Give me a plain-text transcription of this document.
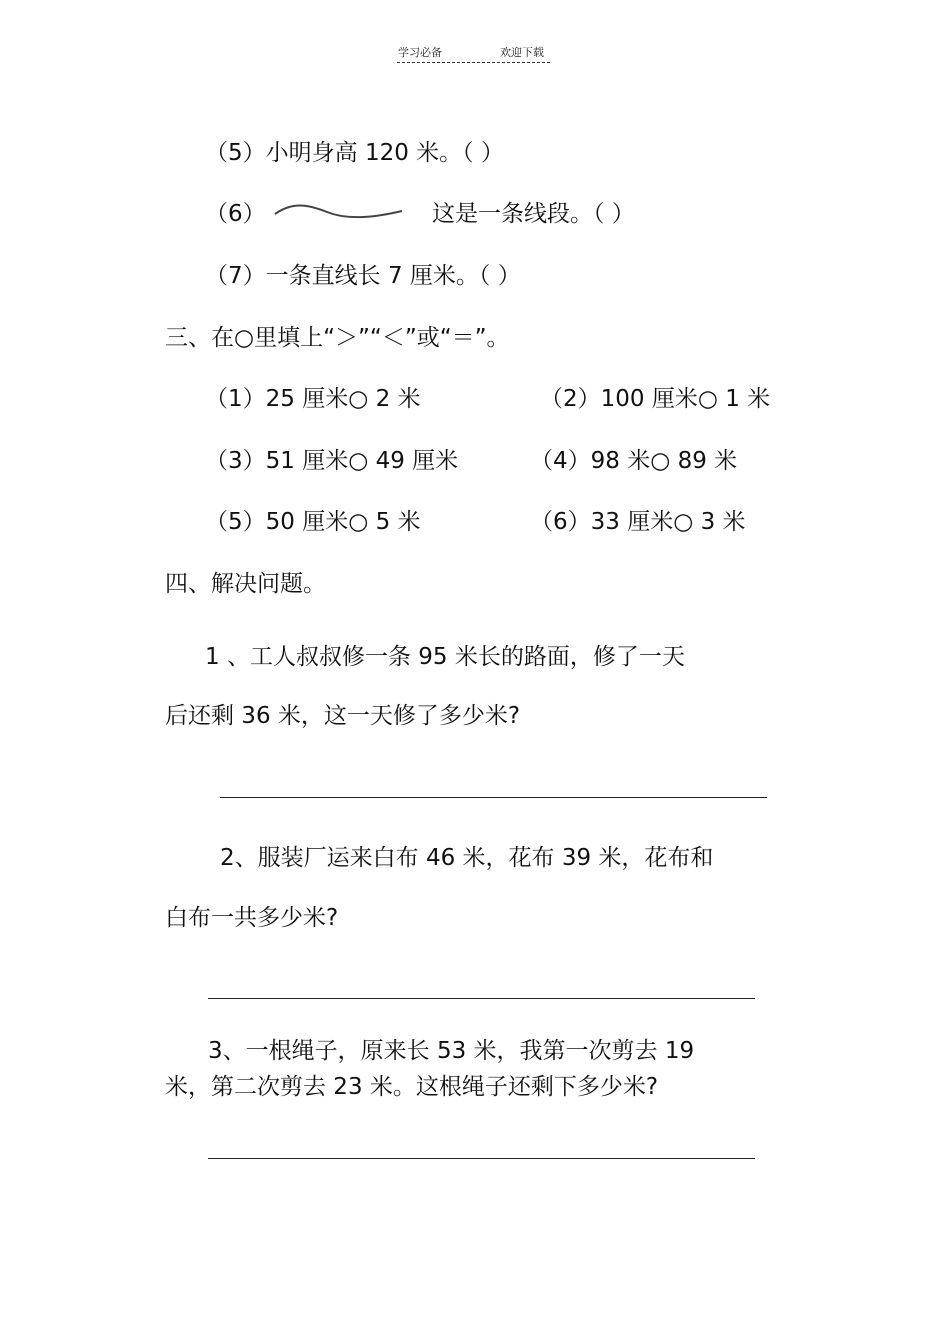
学习必备	欢迎下载
（5）小明身高 120 米。（ ）
（6）	这是一条线段。（ ）
（7）一条直线长 7 厘米。（ ）
三、在○里填上“＞”“＜”或“＝”。
（1）25 厘米○ 2 米	（2）100 厘米○ 1 米
（3）51 厘米○ 49 厘米	（4）98 米○ 89 米
（5）50 厘米○ 5 米	（6）33 厘米○ 3 米
四、解决问题。
1 、工人叔叔修一条 95 米长的路面，修了一天
后还剩 36 米，这一天修了多少米?
2、服装厂运来白布 46 米，花布 39 米，花布和
白布一共多少米?
3、一根绳子，原来长 53 米，我第一次剪去 19
米，第二次剪去 23 米。这根绳子还剩下多少米?
